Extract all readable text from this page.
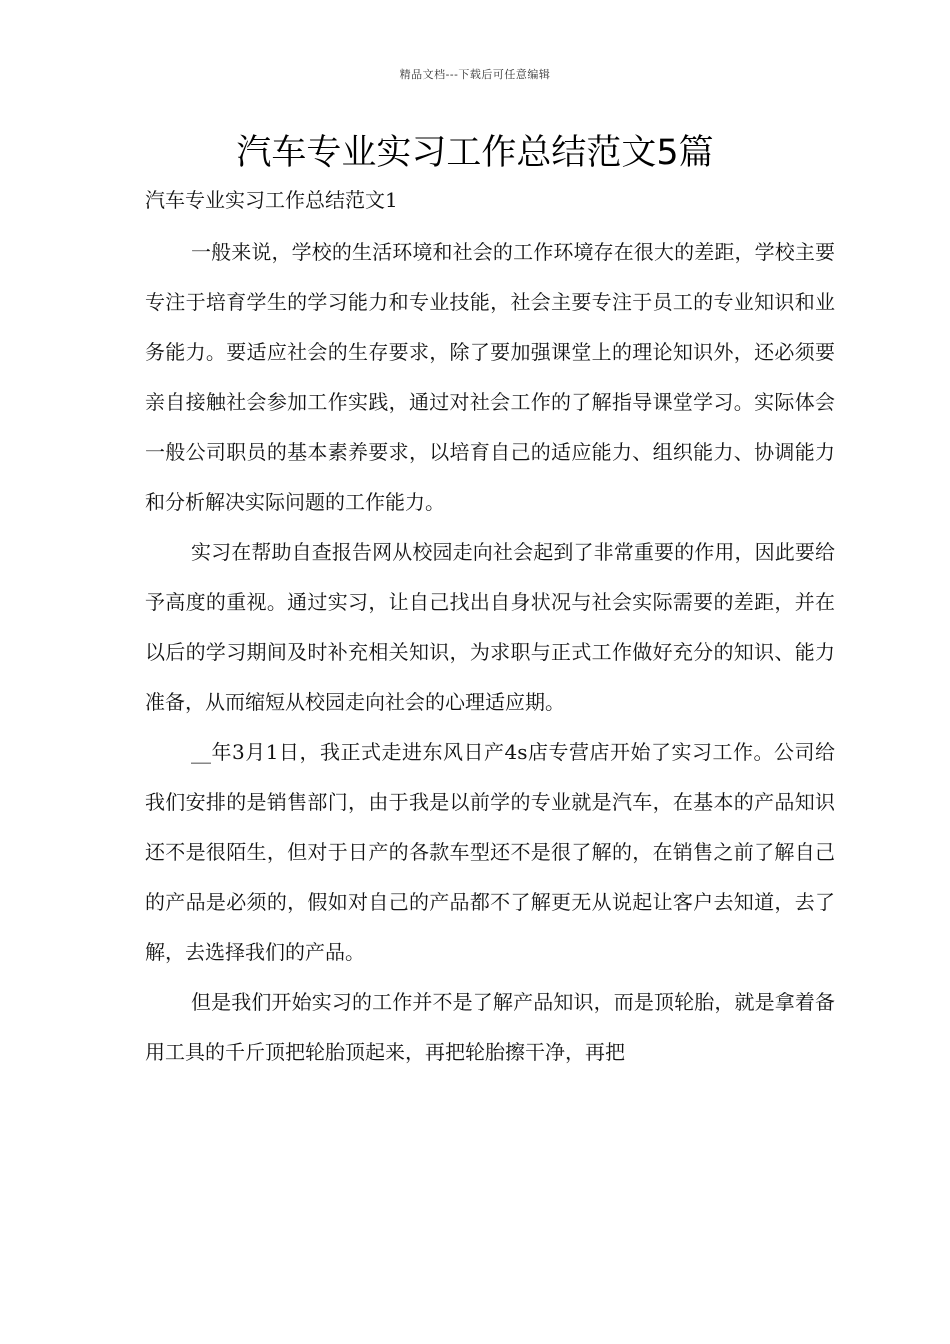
精品文档---下载后可任意编辑
汽车专业实习工作总结范文5篇
汽车专业实习工作总结范文1

一般来说，学校的生活环境和社会的工作环境存在很大的差距，学校主要专注于培育学生的学习能力和专业技能，社会主要专注于员工的专业知识和业务能力。要适应社会的生存要求，除了要加强课堂上的理论知识外，还必须要亲自接触社会参加工作实践，通过对社会工作的了解指导课堂学习。实际体会一般公司职员的基本素养要求，以培育自己的适应能力、组织能力、协调能力和分析解决实际问题的工作能力。

实习在帮助自查报告网从校园走向社会起到了非常重要的作用，因此要给予高度的重视。通过实习，让自己找出自身状况与社会实际需要的差距，并在以后的学习期间及时补充相关知识，为求职与正式工作做好充分的知识、能力准备，从而缩短从校园走向社会的心理适应期。

__年3月1日，我正式走进东风日产4s店专营店开始了实习工作。公司给我们安排的是销售部门，由于我是以前学的专业就是汽车，在基本的产品知识还不是很陌生，但对于日产的各款车型还不是很了解的，在销售之前了解自己的产品是必须的，假如对自己的产品都不了解更无从说起让客户去知道，去了解，去选择我们的产品。

但是我们开始实习的工作并不是了解产品知识，而是顶轮胎，就是拿着备用工具的千斤顶把轮胎顶起来，再把轮胎擦干净，再把
